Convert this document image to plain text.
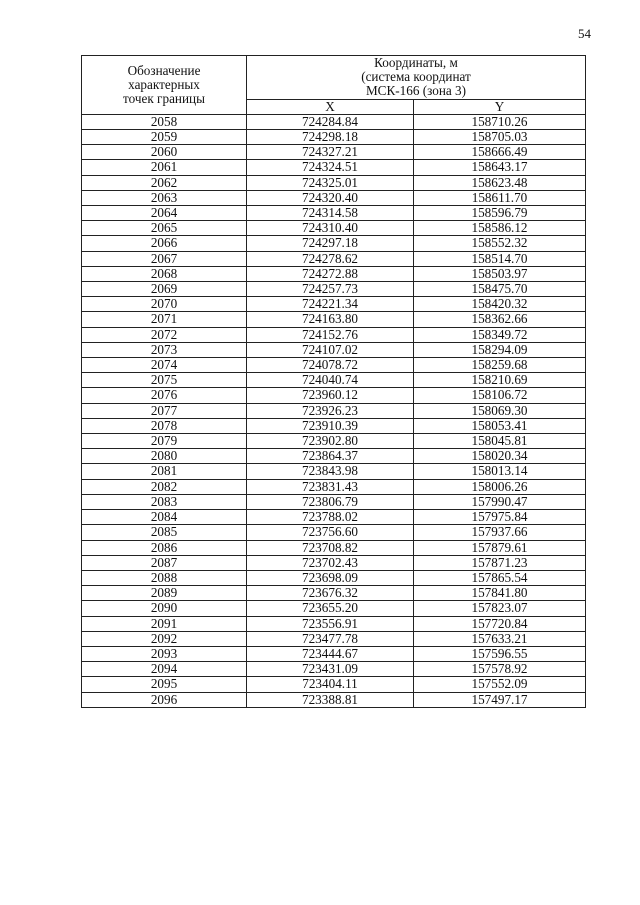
54
Обозначение
характерных
точек границы	Координаты, м
(система координат
МСК-166 (зона 3)	

	X	Y
2058	724284.84	158710.26
2059	724298.18	158705.03
2060	724327.21	158666.49
2061	724324.51	158643.17
2062	724325.01	158623.48
2063	724320.40	158611.70
2064	724314.58	158596.79
2065	724310.40	158586.12
2066	724297.18	158552.32
2067	724278.62	158514.70
2068	724272.88	158503.97
2069	724257.73	158475.70
2070	724221.34	158420.32
2071	724163.80	158362.66
2072	724152.76	158349.72
2073	724107.02	158294.09
2074	724078.72	158259.68
2075	724040.74	158210.69
2076	723960.12	158106.72
2077	723926.23	158069.30
2078	723910.39	158053.41
2079	723902.80	158045.81
2080	723864.37	158020.34
2081	723843.98	158013.14
2082	723831.43	158006.26
2083	723806.79	157990.47
2084	723788.02	157975.84
2085	723756.60	157937.66
2086	723708.82	157879.61
2087	723702.43	157871.23
2088	723698.09	157865.54
2089	723676.32	157841.80
2090	723655.20	157823.07
2091	723556.91	157720.84
2092	723477.78	157633.21
2093	723444.67	157596.55
2094	723431.09	157578.92
2095	723404.11	157552.09
2096	723388.81	157497.17
